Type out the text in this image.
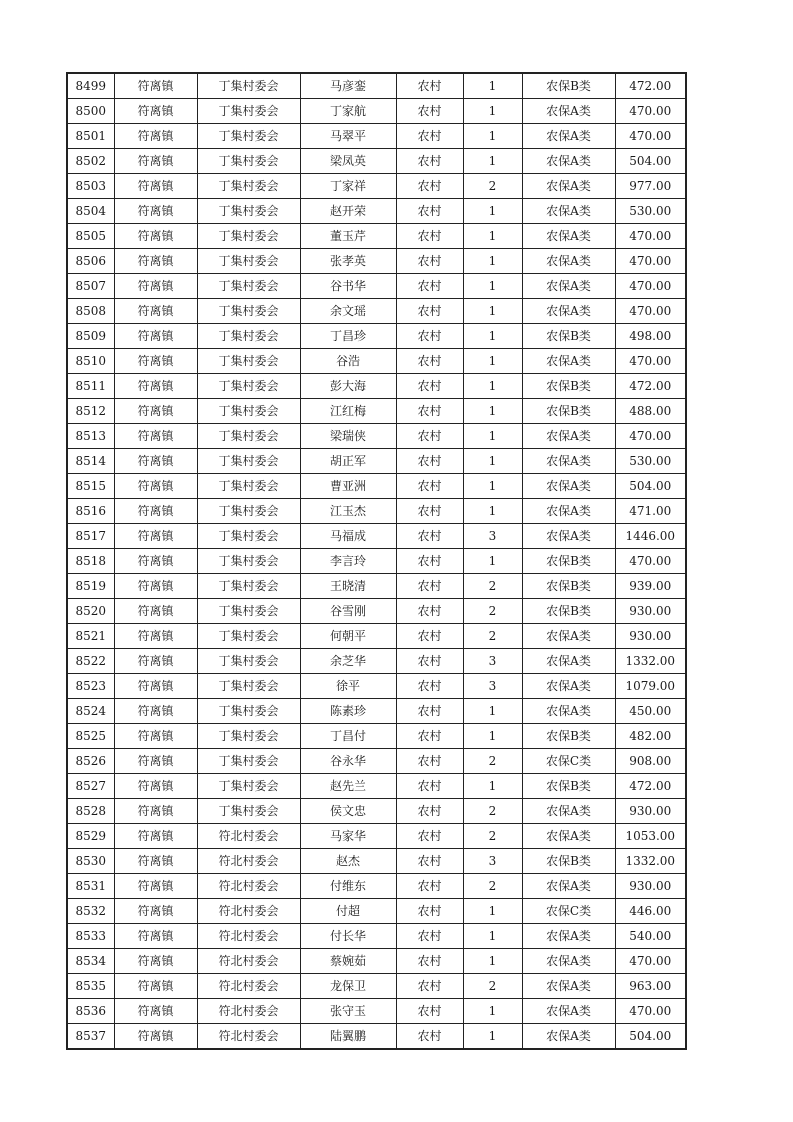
8499	符离镇	丁集村委会	马彦銮	农村	1	农保B类	472.00
8500	符离镇	丁集村委会	丁家航	农村	1	农保A类	470.00
8501	符离镇	丁集村委会	马翠平	农村	1	农保A类	470.00
8502	符离镇	丁集村委会	梁凤英	农村	1	农保A类	504.00
8503	符离镇	丁集村委会	丁家祥	农村	2	农保A类	977.00
8504	符离镇	丁集村委会	赵开荣	农村	1	农保A类	530.00
8505	符离镇	丁集村委会	董玉芹	农村	1	农保A类	470.00
8506	符离镇	丁集村委会	张孝英	农村	1	农保A类	470.00
8507	符离镇	丁集村委会	谷书华	农村	1	农保A类	470.00
8508	符离镇	丁集村委会	余文瑶	农村	1	农保A类	470.00
8509	符离镇	丁集村委会	丁昌珍	农村	1	农保B类	498.00
8510	符离镇	丁集村委会	谷浩	农村	1	农保A类	470.00
8511	符离镇	丁集村委会	彭大海	农村	1	农保B类	472.00
8512	符离镇	丁集村委会	江红梅	农村	1	农保B类	488.00
8513	符离镇	丁集村委会	梁瑞侠	农村	1	农保A类	470.00
8514	符离镇	丁集村委会	胡正军	农村	1	农保A类	530.00
8515	符离镇	丁集村委会	曹亚洲	农村	1	农保A类	504.00
8516	符离镇	丁集村委会	江玉杰	农村	1	农保A类	471.00
8517	符离镇	丁集村委会	马福成	农村	3	农保A类	1446.00
8518	符离镇	丁集村委会	李言玲	农村	1	农保B类	470.00
8519	符离镇	丁集村委会	王晓清	农村	2	农保B类	939.00
8520	符离镇	丁集村委会	谷雪刚	农村	2	农保B类	930.00
8521	符离镇	丁集村委会	何朝平	农村	2	农保A类	930.00
8522	符离镇	丁集村委会	余芝华	农村	3	农保A类	1332.00
8523	符离镇	丁集村委会	徐平	农村	3	农保A类	1079.00
8524	符离镇	丁集村委会	陈素珍	农村	1	农保A类	450.00
8525	符离镇	丁集村委会	丁昌付	农村	1	农保B类	482.00
8526	符离镇	丁集村委会	谷永华	农村	2	农保C类	908.00
8527	符离镇	丁集村委会	赵先兰	农村	1	农保B类	472.00
8528	符离镇	丁集村委会	侯文忠	农村	2	农保A类	930.00
8529	符离镇	符北村委会	马家华	农村	2	农保A类	1053.00
8530	符离镇	符北村委会	赵杰	农村	3	农保B类	1332.00
8531	符离镇	符北村委会	付维东	农村	2	农保A类	930.00
8532	符离镇	符北村委会	付超	农村	1	农保C类	446.00
8533	符离镇	符北村委会	付长华	农村	1	农保A类	540.00
8534	符离镇	符北村委会	蔡婉茹	农村	1	农保A类	470.00
8535	符离镇	符北村委会	龙保卫	农村	2	农保A类	963.00
8536	符离镇	符北村委会	张守玉	农村	1	农保A类	470.00
8537	符离镇	符北村委会	陆翼鹏	农村	1	农保A类	504.00
